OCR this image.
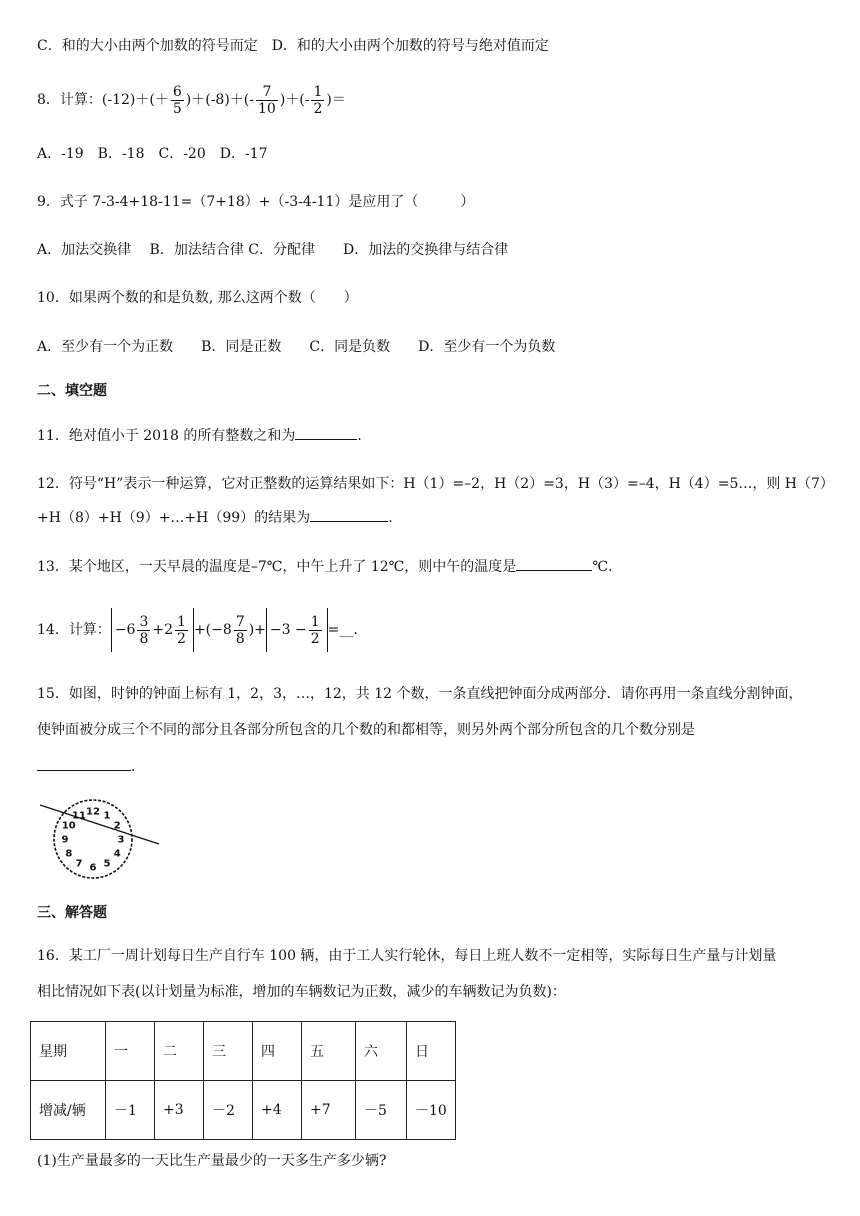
C．和的大小由两个加数的符号而定　D．和的大小由两个加数的符号与绝对值而定
8．计算：$(-12)+(+ \frac{6}{5} )+(-8)+(- \frac{7}{10}$ )＋(- $\frac{1}{2}$ )＝
A．-19　B．-18　C．-20　D．-17
9．式子 7-3-4+18-11=（7+18）+（-3-4-11）是应用了（　　　）
A．加法交换律　 B．加法结合律 C．分配律　　D．加法的交换律与结合律
10．如果两个数的和是负数, 那么这两个数（　　）
A．至少有一个为正数　　B．同是正数　　C．同是负数　　D．至少有一个为负数
二、填空题
11．绝对值小于 2018 的所有整数之和为	.
12．符号“H”表示一种运算，它对正整数的运算结果如下：H（1）=–2，H（2）=3，H（3）=–4，H（4）=5…，则 H（7）
+H（8）+H（9）+…+H（99）的结果为	.
13．某个地区，一天早晨的温度是–7℃，中午上升了 12℃，则中午的温度是	℃.
14．计算： $-6 \frac{3}{8} +2 \frac{1}{2} +(-8 \frac{7}{8}$ )+ $-3 - \frac{1}{2}$ =__.
15．如图，时钟的钟面上标有 1，2，3，…，12，共 12 个数，一条直线把钟面分成两部分．请你再用一条直线分割钟面，
使钟面被分成三个不同的部分且各部分所包含的几个数的和都相等，则另外两个部分所包含的几个数分别是
.
12 1
2
3
4
5
6
7
8
9
10
11
三、解答题
16．某工厂一周计划每日生产自行车 100 辆，由于工人实行轮休，每日上班人数不一定相等，实际每日生产量与计划量
相比情况如下表(以计划量为标准，增加的车辆数记为正数，减少的车辆数记为负数)：
星期	一	二	三	四	五	六	日
增减/辆	－1	+3	－2	+4	+7	－5	－10
(1)生产量最多的一天比生产量最少的一天多生产多少辆?
